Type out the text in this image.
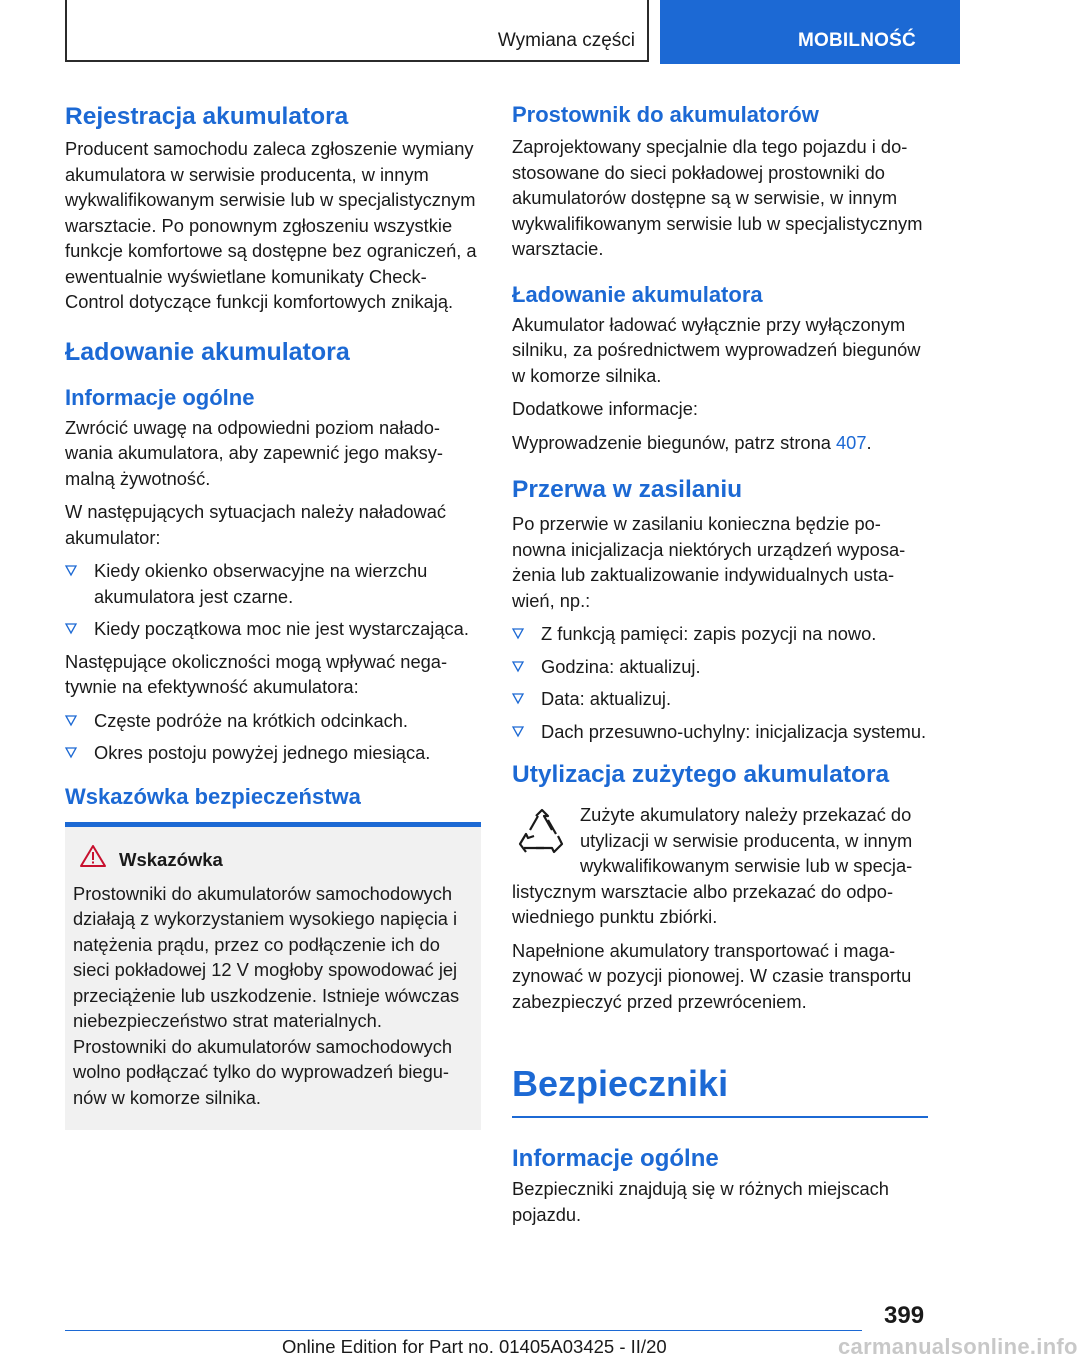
Wymiana części	MOBILNOŚĆ
Rejestracja akumulatora

Producent samochodu zaleca zgłoszenie wymiany akumulatora w serwisie producenta, w innym wykwalifikowanym serwisie lub w specjalistycznym warsztacie. Po ponownym zgłoszeniu wszystkie funkcje komfortowe są dostępne bez ograniczeń, a ewentualnie wyświetlane komunikaty Check-Control dotyczące funkcji komfortowych znikają.

Ładowanie akumulatora
Informacje ogólne

Zwrócić uwagę na odpowiedni poziom naładowania akumulatora, aby zapewnić jego maksymalną żywotność.

W następujących sytuacjach należy naładować akumulator:

Kiedy okienko obserwacyjne na wierzchu akumulatora jest czarne.
Kiedy początkowa moc nie jest wystarczająca.

Następujące okoliczności mogą wpływać negatywnie na efektywność akumulatora:

Częste podróże na krótkich odcinkach.
Okres postoju powyżej jednego miesiąca.
Wskazówka bezpieczeństwa
Wskazówka

Prostowniki do akumulatorów samochodowych działają z wykorzystaniem wysokiego napięcia i natężenia prądu, przez co podłączenie ich do sieci pokładowej 12 V mogłoby spowodować jej przeciążenie lub uszkodzenie. Istnieje wówczas niebezpieczeństwo strat materialnych. Prostowniki do akumulatorów samochodowych wolno podłączać tylko do wyprowadzeń biegunów w komorze silnika.

Prostownik do akumulatorów

Zaprojektowany specjalnie dla tego pojazdu i dostosowane do sieci pokładowej prostowniki do akumulatorów dostępne są w serwisie, w innym wykwalifikowanym serwisie lub w specjalistycznym warsztacie.

Ładowanie akumulatora

Akumulator ładować wyłącznie przy wyłączonym silniku, za pośrednictwem wyprowadzeń biegunów w komorze silnika.

Dodatkowe informacje:

Wyprowadzenie biegunów, patrz strona 407.

Przerwa w zasilaniu

Po przerwie w zasilaniu konieczna będzie ponowna inicjalizacja niektórych urządzeń wyposażenia lub zaktualizowanie indywidualnych ustawień, np.:

Z funkcją pamięci: zapis pozycji na nowo.
Godzina: aktualizuj.
Data: aktualizuj.
Dach przesuwno-uchylny: inicjalizacja systemu.
Utylizacja zużytego akumulatora

Zużyte akumulatory należy przekazać do utylizacji w serwisie producenta, w innym wykwalifikowanym serwisie lub w specjalistycznym warsztacie albo przekazać do odpowiedniego punktu zbiórki.

Napełnione akumulatory transportować i magazynować w pozycji pionowej. W czasie transportu zabezpieczyć przed przewróceniem.

Bezpieczniki
Informacje ogólne

Bezpieczniki znajdują się w różnych miejscach pojazdu.

399
Online Edition for Part no. 01405A03425 - II/20	carmanualsonline.info
